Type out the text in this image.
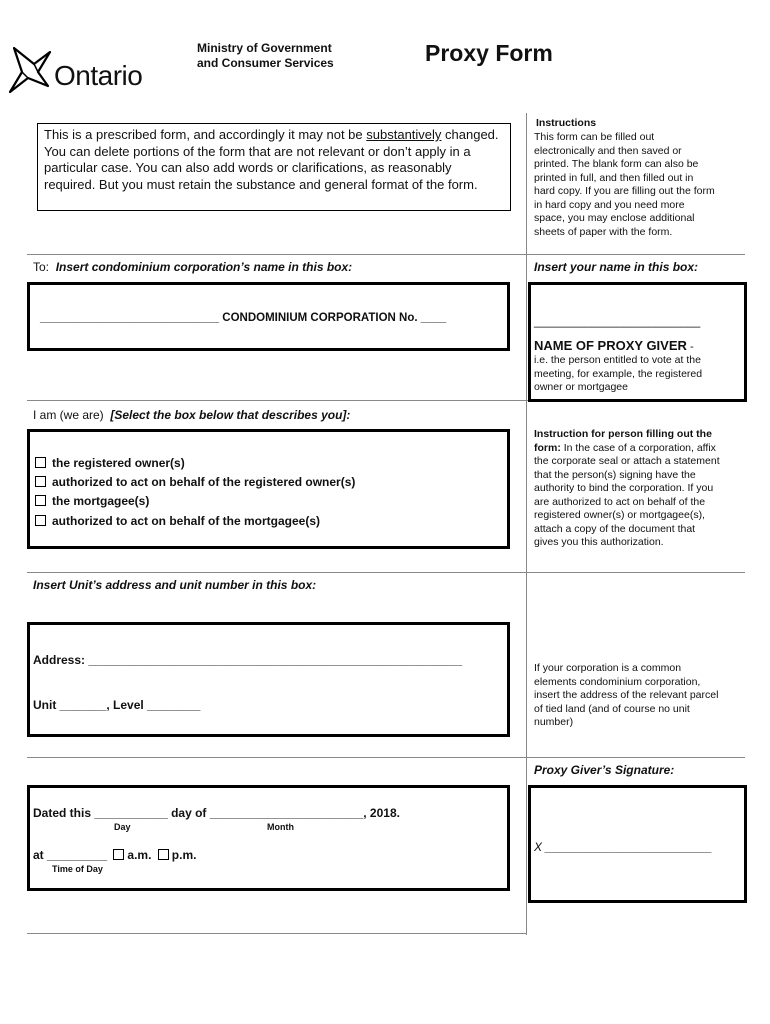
Ontario
Ministry of Government
and Consumer Services	Proxy Form
This is a prescribed form, and accordingly it may not be substantively changed. You can delete portions of the form that are not relevant or don’t apply in a particular case. You can also add words or clarifications, as reasonably required. But you must retain the substance and general format of the form.
Instructions
This form can be filled out electronically and then saved or printed. The blank form can also be printed in full, and then filled out in hard copy. If you are filling out the form in hard copy and you need more space, you may enclose additional sheets of paper with the form.
To: Insert condominium corporation’s name in this box:
____________________________ CONDOMINIUM CORPORATION No. ____
Insert your name in this box:
__________________________
NAME OF PROXY GIVER -
i.e. the person entitled to vote at the meeting, for example, the registered owner or mortgagee
I am (we are) [Select the box below that describes you]:
the registered owner(s)
authorized to act on behalf of the registered owner(s)
the mortgagee(s)
authorized to act on behalf of the mortgagee(s)
Instruction for person filling out the form: In the case of a corporation, affix the corporate seal or attach a statement that the person(s) signing have the authority to bind the corporation. If you are authorized to act on behalf of the registered owner(s) or mortgagee(s), attach a copy of the document that gives you this authorization.
Insert Unit’s address and unit number in this box:
Address: ________________________________________________________
Unit _______, Level ________
If your corporation is a common elements condominium corporation, insert the address of the relevant parcel of tied land (and of course no unit number)
Proxy Giver’s Signature:
X _________________________
Dated this ___________ day of _______________________, 2018.
Day	Month
at _________ a.m. p.m.
Time of Day
